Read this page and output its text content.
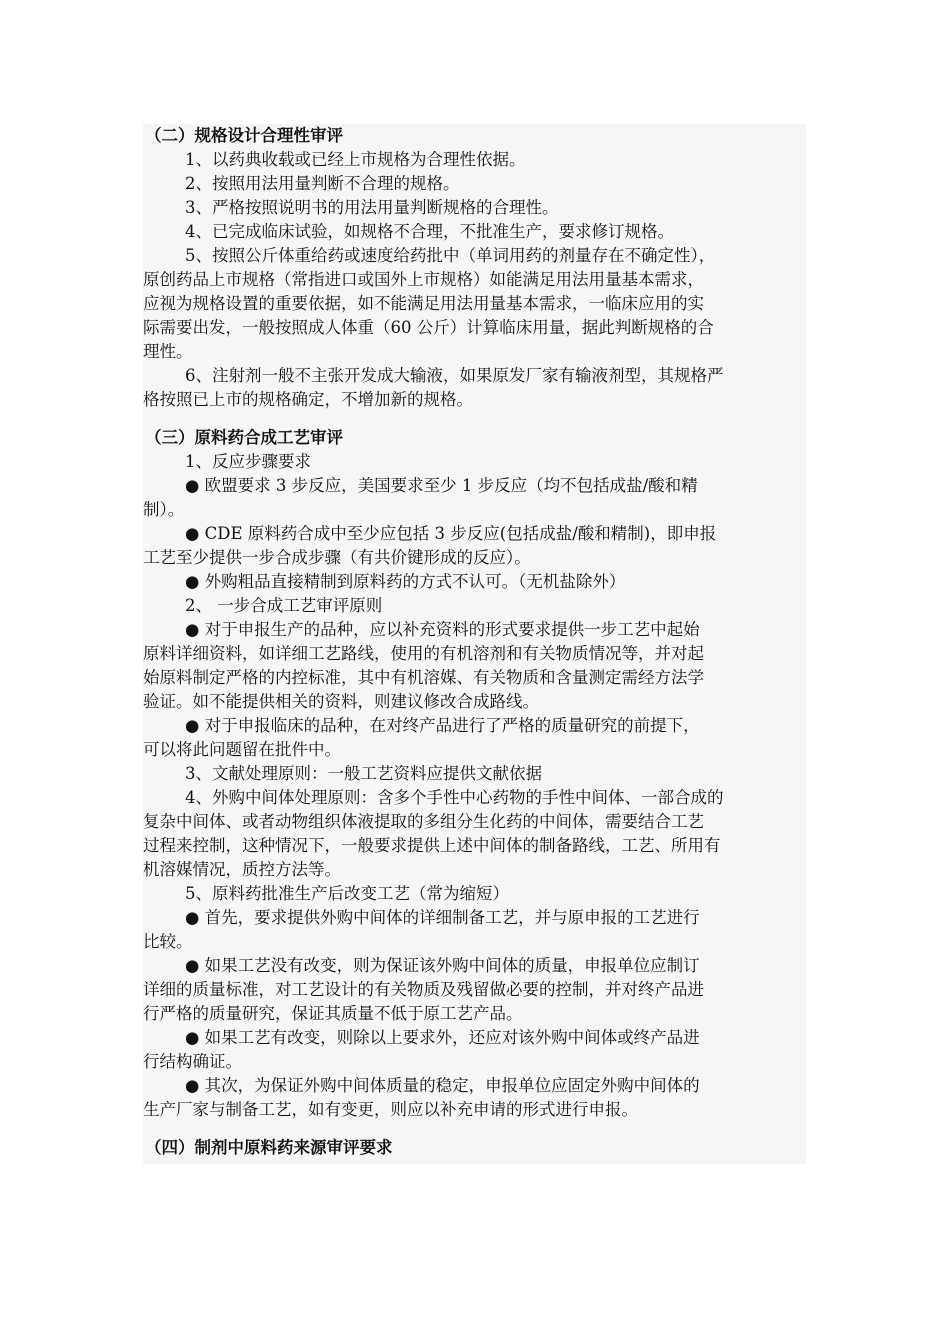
（二）规格设计合理性审评
1、以药典收载或已经上市规格为合理性依据。
2、按照用法用量判断不合理的规格。
3、严格按照说明书的用法用量判断规格的合理性。
4、已完成临床试验，如规格不合理，不批准生产，要求修订规格。
5、按照公斤体重给药或速度给药批中（单词用药的剂量存在不确定性），
原创药品上市规格（常指进口或国外上市规格）如能满足用法用量基本需求，
应视为规格设置的重要依据，如不能满足用法用量基本需求，一临床应用的实
际需要出发，一般按照成人体重（60 公斤）计算临床用量，据此判断规格的合
理性。
6、注射剂一般不主张开发成大输液，如果原发厂家有输液剂型，其规格严
格按照已上市的规格确定，不增加新的规格。
（三）原料药合成工艺审评
1、反应步骤要求
● 欧盟要求 3 步反应，美国要求至少 1 步反应（均不包括成盐/酸和精
制）。
● CDE 原料药合成中至少应包括 3 步反应(包括成盐/酸和精制)，即申报
工艺至少提供一步合成步骤（有共价键形成的反应）。
● 外购粗品直接精制到原料药的方式不认可。（无机盐除外）
2、 一步合成工艺审评原则
● 对于申报生产的品种，应以补充资料的形式要求提供一步工艺中起始
原料详细资料，如详细工艺路线，使用的有机溶剂和有关物质情况等，并对起
始原料制定严格的内控标准，其中有机溶媒、有关物质和含量测定需经方法学
验证。如不能提供相关的资料，则建议修改合成路线。
● 对于申报临床的品种，在对终产品进行了严格的质量研究的前提下，
可以将此问题留在批件中。
3、文献处理原则：一般工艺资料应提供文献依据
4、外购中间体处理原则：含多个手性中心药物的手性中间体、一部合成的
复杂中间体、或者动物组织体液提取的多组分生化药的中间体，需要结合工艺
过程来控制，这种情况下，一般要求提供上述中间体的制备路线，工艺、所用有
机溶媒情况，质控方法等。
5、原料药批准生产后改变工艺（常为缩短）
● 首先，要求提供外购中间体的详细制备工艺，并与原申报的工艺进行
比较。
● 如果工艺没有改变，则为保证该外购中间体的质量，申报单位应制订
详细的质量标准，对工艺设计的有关物质及残留做必要的控制，并对终产品进
行严格的质量研究，保证其质量不低于原工艺产品。
● 如果工艺有改变，则除以上要求外，还应对该外购中间体或终产品进
行结构确证。
● 其次，为保证外购中间体质量的稳定，申报单位应固定外购中间体的
生产厂家与制备工艺，如有变更，则应以补充申请的形式进行申报。
（四）制剂中原料药来源审评要求
